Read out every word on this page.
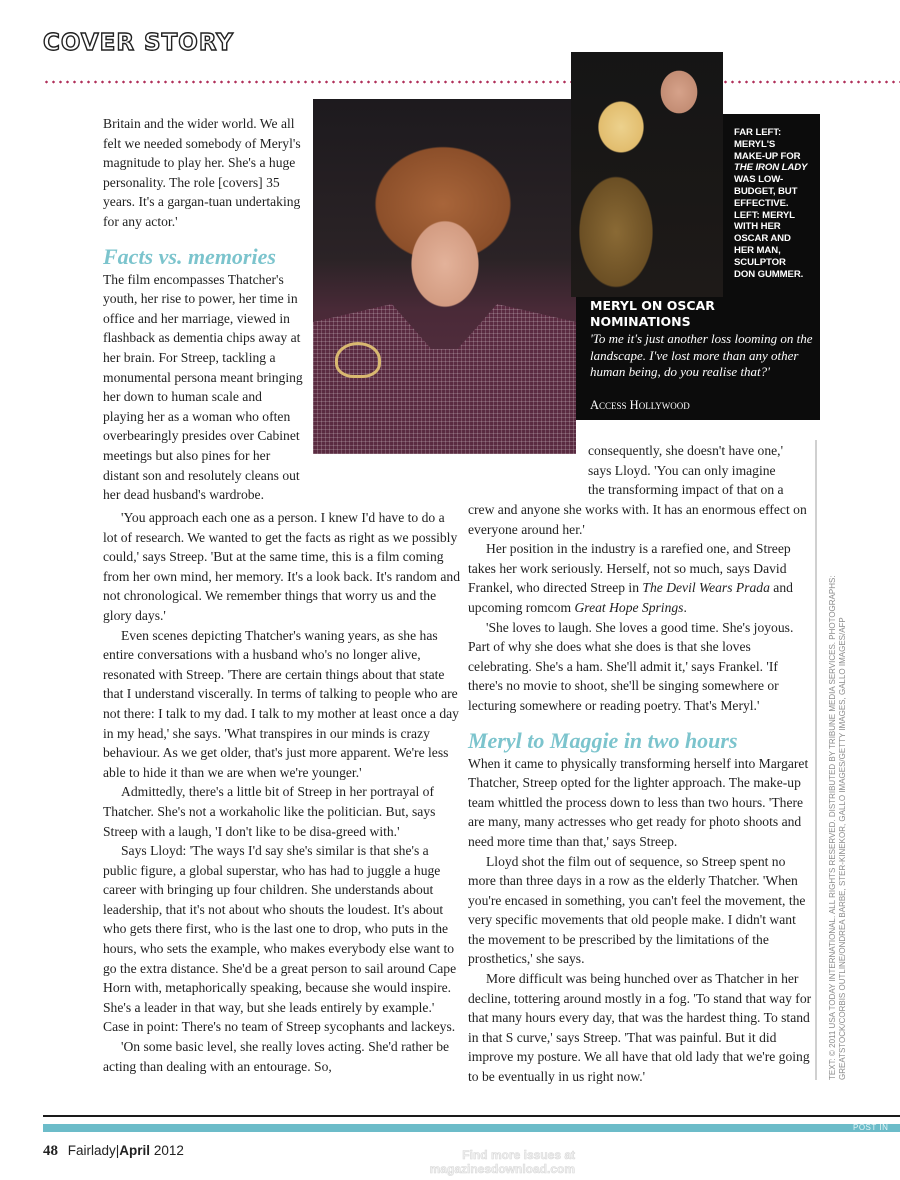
COVER STORY
FAR LEFT:
MERYL'S
MAKE-UP FOR
THE IRON LADY
WAS LOW-
BUDGET, BUT
EFFECTIVE.
LEFT: MERYL
WITH HER
OSCAR AND
HER MAN,
SCULPTOR
DON GUMMER.
MERYL ON OSCAR NOMINATIONS
'To me it's just another loss looming on the landscape. I've lost more than any other human being, do you realise that?'
Access Hollywood

Britain and the wider world. We all felt we needed somebody of Meryl's magnitude to play her. She's a huge personality. The role [covers] 35 years. It's a gargan-tuan undertaking for any actor.'

Facts vs. memories

The film encompasses Thatcher's youth, her rise to power, her time in office and her marriage, viewed in flashback as dementia chips away at her brain. For Streep, tackling a monumental persona meant bringing her down to human scale and playing her as a woman who often overbearingly presides over Cabinet meetings but also pines for her distant son and resolutely cleans out her dead husband's wardrobe.

'You approach each one as a person. I knew I'd have to do a lot of research. We wanted to get the facts as right as we possibly could,' says Streep. 'But at the same time, this is a film coming from her own mind, her memory. It's a look back. It's random and not chronological. We remember things that worry us and the glory days.'

Even scenes depicting Thatcher's waning years, as she has entire conversations with a husband who's no longer alive, resonated with Streep. 'There are certain things about that state that I understand viscerally. In terms of talking to people who are not there: I talk to my dad. I talk to my mother at least once a day in my head,' she says. 'What transpires in our minds is crazy behaviour. As we get older, that's just more apparent. We're less able to hide it than we are when we're younger.'

Admittedly, there's a little bit of Streep in her portrayal of Thatcher. She's not a workaholic like the politician. But, says Streep with a laugh, 'I don't like to be disa-greed with.'

Says Lloyd: 'The ways I'd say she's similar is that she's a public figure, a global superstar, who has had to juggle a huge career with bringing up four children. She understands about leadership, that it's not about who shouts the loudest. It's about who gets there first, who is the last one to drop, who puts in the hours, who sets the example, who makes everybody else want to go the extra distance. She'd be a great person to sail around Cape Horn with, metaphorically speaking, because she would inspire. She's a leader in that way, but she leads entirely by example.' Case in point: There's no team of Streep sycophants and lackeys.

'On some basic level, she really loves acting. She'd rather be acting than dealing with an entourage. So,

consequently, she doesn't have one,'
says Lloyd. 'You can only imagine
the transforming impact of that on a

crew and anyone she works with. It has an enormous effect on everyone around her.'

Her position in the industry is a rarefied one, and Streep takes her work seriously. Herself, not so much, says David Frankel, who directed Streep in The Devil Wears Prada and upcoming romcom Great Hope Springs.

'She loves to laugh. She loves a good time. She's joyous. Part of why she does what she does is that she loves celebrating. She's a ham. She'll admit it,' says Frankel. 'If there's no movie to shoot, she'll be singing somewhere or lecturing somewhere or reading poetry. That's Meryl.'

Meryl to Maggie in two hours

When it came to physically transforming herself into Margaret Thatcher, Streep opted for the lighter approach. The make-up team whittled the process down to less than two hours. 'There are many, many actresses who get ready for photo shoots and need more time than that,' says Streep.

Lloyd shot the film out of sequence, so Streep spent no more than three days in a row as the elderly Thatcher. 'When you're encased in something, you can't feel the movement, the very specific movements that old people make. I didn't want the movement to be prescribed by the limitations of the prosthetics,' she says.

More difficult was being hunched over as Thatcher in her decline, tottering around mostly in a fog. 'To stand that way for that many hours every day, that was the hardest thing. To stand in that S curve,' says Streep. 'That was painful. But it did improve my posture. We all have that old lady that we're going to be eventually in us right now.'	TEXT: © 2011 USA TODAY INTERNATIONAL. ALL RIGHTS RESERVED. DISTRIBUTED BY TRIBUNE MEDIA SERVICES. PHOTOGRAPHS: GREATSTOCK/CORBIS OUTLINE/ONDREA BARBE, STER-KINEKOR, GALLO IMAGES/GETTY IMAGES, GALLO IMAGES/AFP
POST IN
48 Fairlady|April 2012	Find more issues at
magazinesdownload.com
